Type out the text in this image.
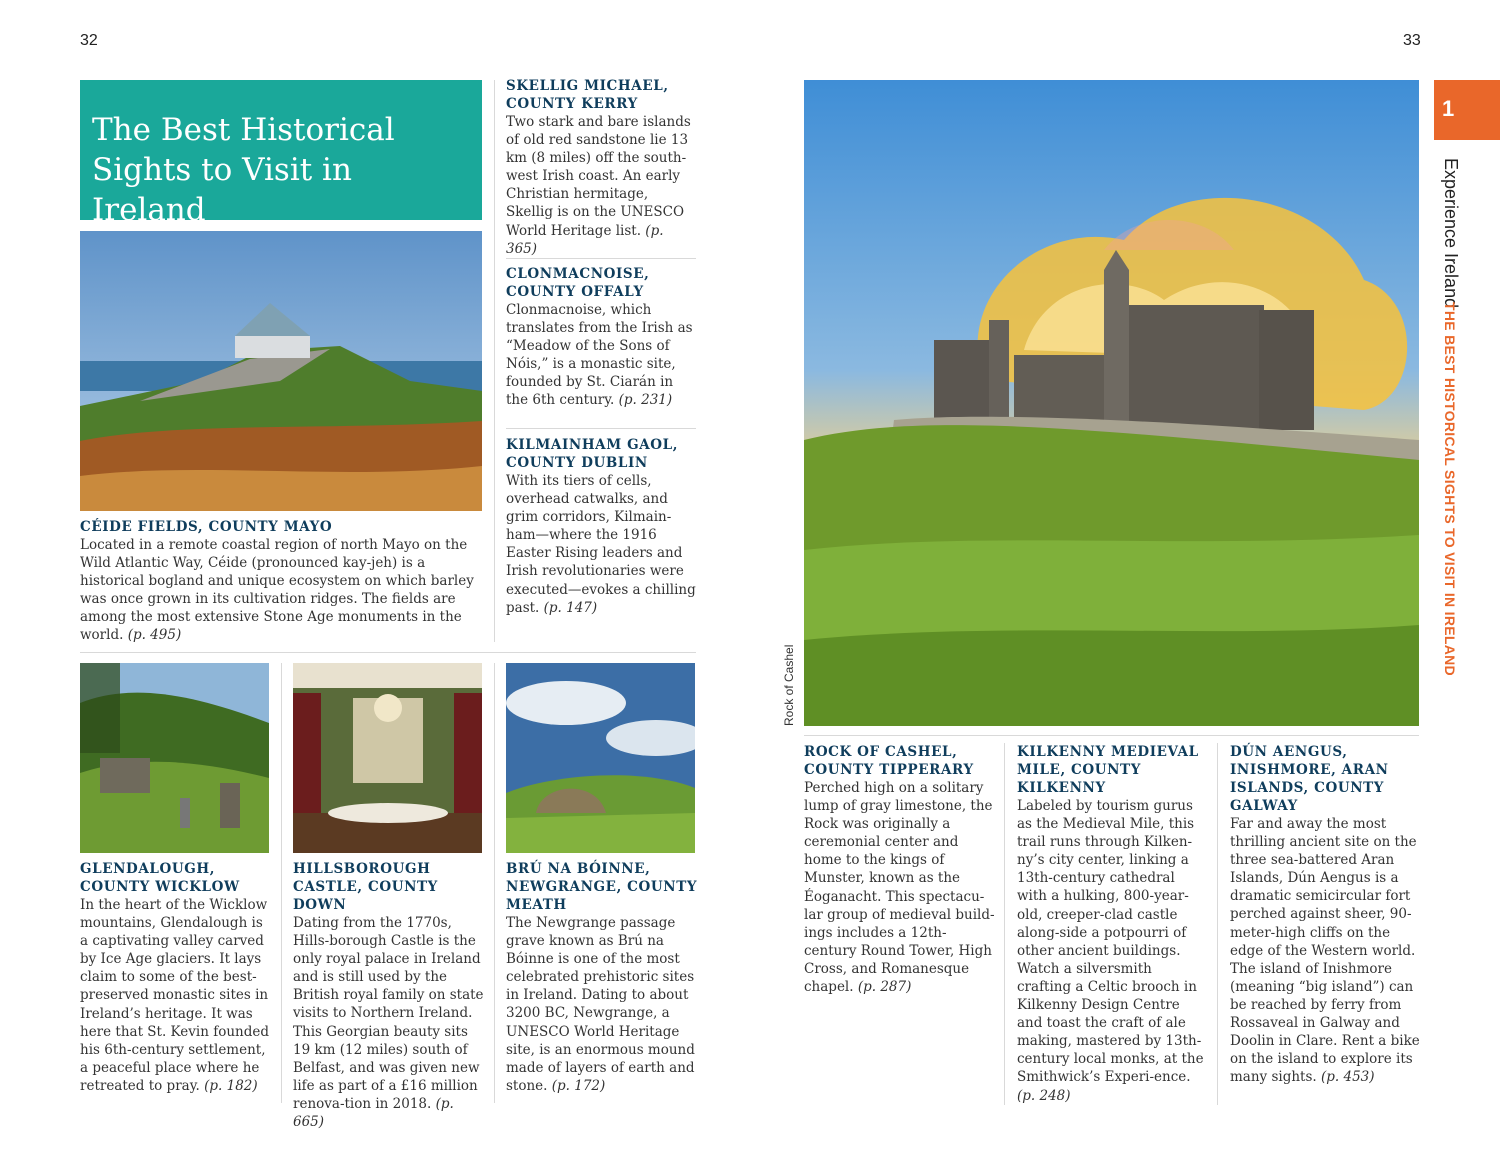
32	33
The Best Historical Sights to Visit in Ireland
CÉIDE FIELDS, COUNTY MAYO

Located in a remote coastal region of north Mayo on the Wild Atlantic Way, Céide (pronounced kay-jeh) is a historical bogland and unique ecosystem on which barley was once grown in its cultivation ridges. The fields are among the most extensive Stone Age monuments in the world. (p. 495)

SKELLIG MICHAEL, COUNTY KERRY

Two stark and bare islands of old red sandstone lie 13 km (8 miles) off the south-west Irish coast. An early Christian hermitage, Skellig is on the UNESCO World Heritage list. (p. 365)

CLONMACNOISE, COUNTY OFFALY

Clonmacnoise, which translates from the Irish as “Meadow of the Sons of Nóis,” is a monastic site, founded by St. Ciarán in the 6th century. (p. 231)

KILMAINHAM GAOL, COUNTY DUBLIN

With its tiers of cells, overhead catwalks, and grim corridors, Kilmain-ham—where the 1916 Easter Rising leaders and Irish revolutionaries were executed—evokes a chilling past. (p. 147)

GLENDALOUGH, COUNTY WICKLOW

In the heart of the Wicklow mountains, Glendalough is a captivating valley carved by Ice Age glaciers. It lays claim to some of the best-preserved monastic sites in Ireland’s heritage. It was here that St. Kevin founded his 6th-century settlement, a peaceful place where he retreated to pray. (p. 182)

HILLSBOROUGH CASTLE, COUNTY DOWN

Dating from the 1770s, Hills-borough Castle is the only royal palace in Ireland and is still used by the British royal family on state visits to Northern Ireland. This Georgian beauty sits 19 km (12 miles) south of Belfast, and was given new life as part of a £16 million renova-tion in 2018. (p. 665)

BRÚ NA BÓINNE, NEWGRANGE, COUNTY MEATH

The Newgrange passage grave known as Brú na Bóinne is one of the most celebrated prehistoric sites in Ireland. Dating to about 3200 BC, Newgrange, a UNESCO World Heritage site, is an enormous mound made of layers of earth and stone. (p. 172)

Rock of Cashel
ROCK OF CASHEL, COUNTY TIPPERARY

Perched high on a solitary lump of gray limestone, the Rock was originally a ceremonial center and home to the kings of Munster, known as the Éoganacht. This spectacu-lar group of medieval build-ings includes a 12th-century Round Tower, High Cross, and Romanesque chapel. (p. 287)

KILKENNY MEDIEVAL MILE, COUNTY KILKENNY

Labeled by tourism gurus as the Medieval Mile, this trail runs through Kilken-ny’s city center, linking a 13th-century cathedral with a hulking, 800-year-old, creeper-clad castle along-side a potpourri of other ancient buildings. Watch a silversmith crafting a Celtic brooch in Kilkenny Design Centre and toast the craft of ale making, mastered by 13th-century local monks, at the Smithwick’s Experi-ence. (p. 248)

DÚN AENGUS, INISHMORE, ARAN ISLANDS, COUNTY GALWAY

Far and away the most thrilling ancient site on the three sea-battered Aran Islands, Dún Aengus is a dramatic semicircular fort perched against sheer, 90-meter-high cliffs on the edge of the Western world. The island of Inishmore (meaning “big island”) can be reached by ferry from Rossaveal in Galway and Doolin in Clare. Rent a bike on the island to explore its many sights. (p. 453)

1
Experience Ireland
THE BEST HISTORICAL SIGHTS TO VISIT IN IRELAND
